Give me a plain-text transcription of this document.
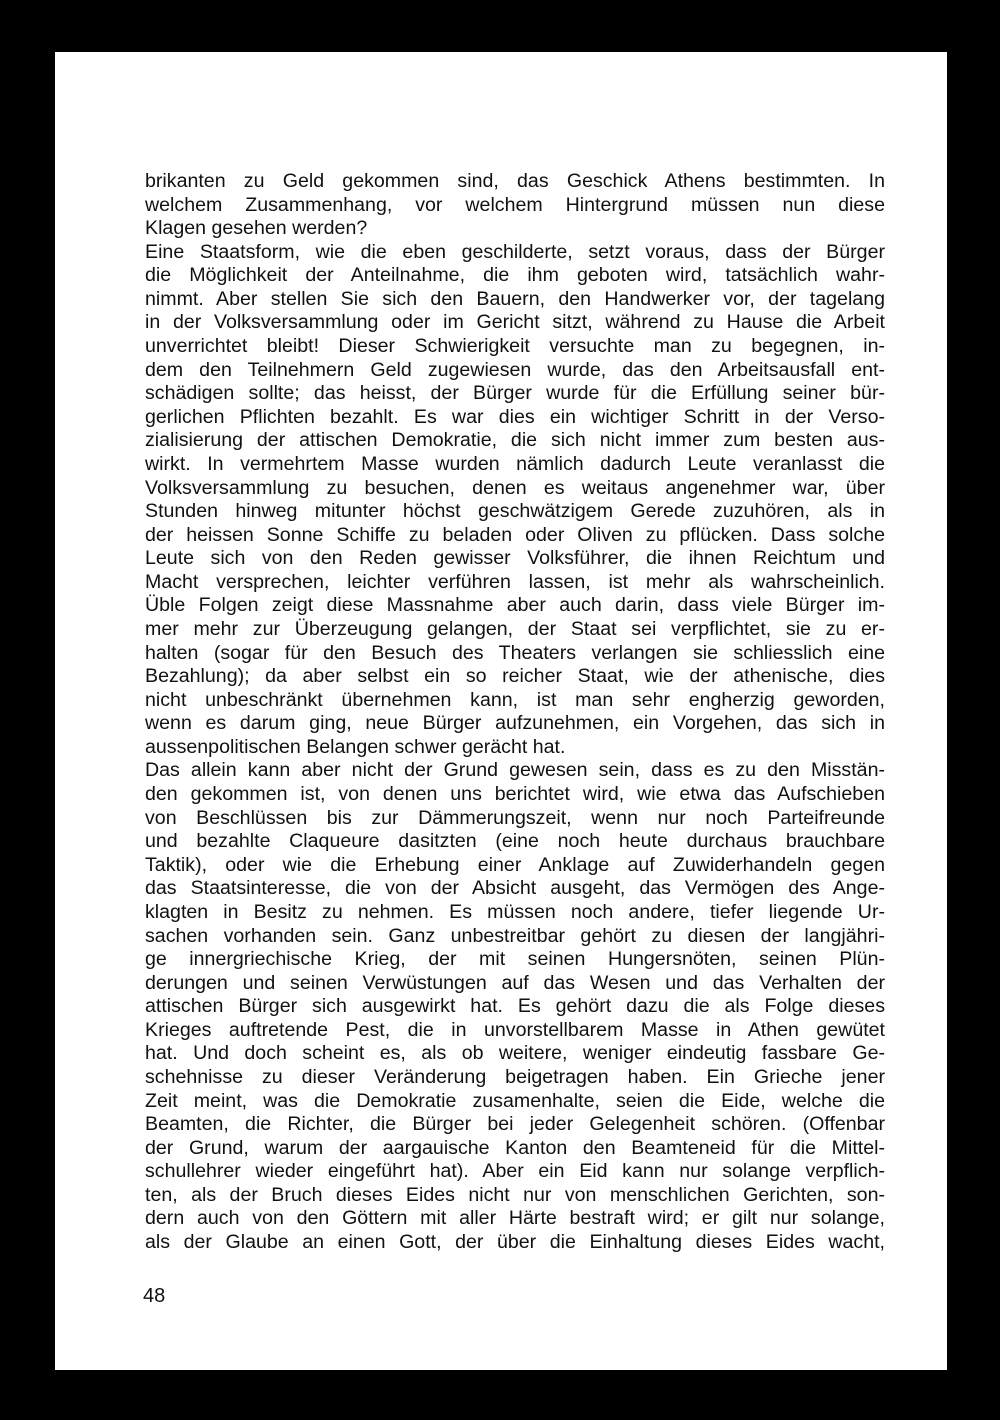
brikanten zu Geld gekommen sind, das Geschick Athens bestimmten. In
welchem Zusammenhang, vor welchem Hintergrund müssen nun diese
Klagen gesehen werden?
Eine Staatsform, wie die eben geschilderte, setzt voraus, dass der Bürger
die Möglichkeit der Anteilnahme, die ihm geboten wird, tatsächlich wahr-
nimmt. Aber stellen Sie sich den Bauern, den Handwerker vor, der tagelang
in der Volksversammlung oder im Gericht sitzt, während zu Hause die Arbeit
unverrichtet bleibt! Dieser Schwierigkeit versuchte man zu begegnen, in-
dem den Teilnehmern Geld zugewiesen wurde, das den Arbeitsausfall ent-
schädigen sollte; das heisst, der Bürger wurde für die Erfüllung seiner bür-
gerlichen Pflichten bezahlt. Es war dies ein wichtiger Schritt in der Verso-
zialisierung der attischen Demokratie, die sich nicht immer zum besten aus-
wirkt. In vermehrtem Masse wurden nämlich dadurch Leute veranlasst die
Volksversammlung zu besuchen, denen es weitaus angenehmer war, über
Stunden hinweg mitunter höchst geschwätzigem Gerede zuzuhören, als in
der heissen Sonne Schiffe zu beladen oder Oliven zu pflücken. Dass solche
Leute sich von den Reden gewisser Volksführer, die ihnen Reichtum und
Macht versprechen, leichter verführen lassen, ist mehr als wahrscheinlich.
Üble Folgen zeigt diese Massnahme aber auch darin, dass viele Bürger im-
mer mehr zur Überzeugung gelangen, der Staat sei verpflichtet, sie zu er-
halten (sogar für den Besuch des Theaters verlangen sie schliesslich eine
Bezahlung); da aber selbst ein so reicher Staat, wie der athenische, dies
nicht unbeschränkt übernehmen kann, ist man sehr engherzig geworden,
wenn es darum ging, neue Bürger aufzunehmen, ein Vorgehen, das sich in
aussenpolitischen Belangen schwer gerächt hat.
Das allein kann aber nicht der Grund gewesen sein, dass es zu den Misstän-
den gekommen ist, von denen uns berichtet wird, wie etwa das Aufschieben
von Beschlüssen bis zur Dämmerungszeit, wenn nur noch Parteifreunde
und bezahlte Claqueure dasitzten (eine noch heute durchaus brauchbare
Taktik), oder wie die Erhebung einer Anklage auf Zuwiderhandeln gegen
das Staatsinteresse, die von der Absicht ausgeht, das Vermögen des Ange-
klagten in Besitz zu nehmen. Es müssen noch andere, tiefer liegende Ur-
sachen vorhanden sein. Ganz unbestreitbar gehört zu diesen der langjähri-
ge innergriechische Krieg, der mit seinen Hungersnöten, seinen Plün-
derungen und seinen Verwüstungen auf das Wesen und das Verhalten der
attischen Bürger sich ausgewirkt hat. Es gehört dazu die als Folge dieses
Krieges auftretende Pest, die in unvorstellbarem Masse in Athen gewütet
hat. Und doch scheint es, als ob weitere, weniger eindeutig fassbare Ge-
schehnisse zu dieser Veränderung beigetragen haben. Ein Grieche jener
Zeit meint, was die Demokratie zusamenhalte, seien die Eide, welche die
Beamten, die Richter, die Bürger bei jeder Gelegenheit schören. (Offenbar
der Grund, warum der aargauische Kanton den Beamteneid für die Mittel-
schullehrer wieder eingeführt hat). Aber ein Eid kann nur solange verpflich-
ten, als der Bruch dieses Eides nicht nur von menschlichen Gerichten, son-
dern auch von den Göttern mit aller Härte bestraft wird; er gilt nur solange,
als der Glaube an einen Gott, der über die Einhaltung dieses Eides wacht,
48
